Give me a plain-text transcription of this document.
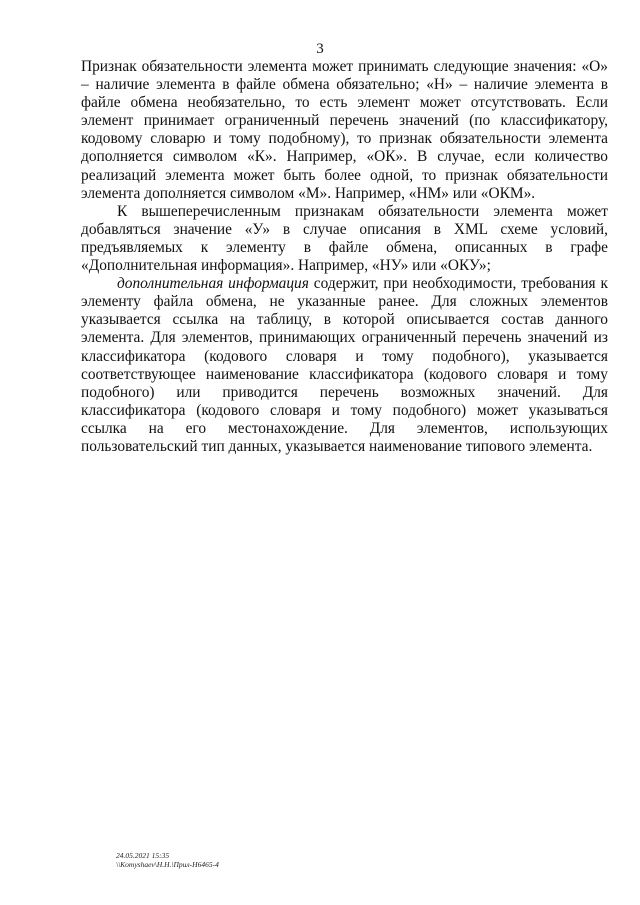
3

Признак обязательности элемента может принимать следующие значения: «О» – наличие элемента в файле обмена обязательно; «Н» – наличие элемента в файле обмена необязательно, то есть элемент может отсутствовать. Если элемент принимает ограниченный перечень значений (по классификатору, кодовому словарю и тому подобному), то признак обязательности элемента дополняется символом «К». Например, «ОК». В случае, если количество реализаций элемента может быть более одной, то признак обязательности элемента дополняется символом «М». Например, «НМ» или «ОКМ».

К вышеперечисленным признакам обязательности элемента может добавляться значение «У» в случае описания в XML схеме условий, предъявляемых к элементу в файле обмена, описанных в графе «Дополнительная информация». Например, «НУ» или «ОКУ»;

дополнительная информация содержит, при необходимости, требования к элементу файла обмена, не указанные ранее. Для сложных элементов указывается ссылка на таблицу, в которой описывается состав данного элемента. Для элементов, принимающих ограниченный перечень значений из классификатора (кодового словаря и тому подобного), указывается соответствующее наименование классификатора (кодового словаря и тому подобного) или приводится перечень возможных значений. Для классификатора (кодового словаря и тому подобного) может указываться ссылка на его местонахождение. Для элементов, использующих пользовательский тип данных, указывается наименование типового элемента.

24.05.2021 15:35
\\Komyshaev\Н.Н.\Прил-Н6465-4
